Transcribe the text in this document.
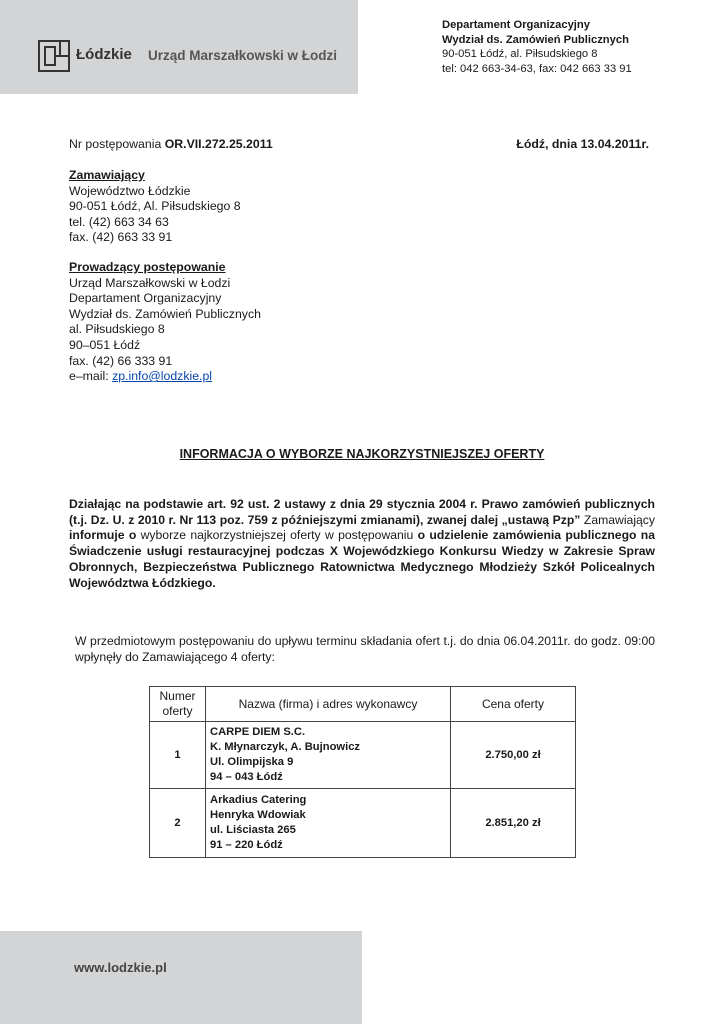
Łódzkie Urząd Marszałkowski w Łodzi
Departament Organizacyjny
Wydział ds. Zamówień Publicznych
90-051 Łódź, al. Piłsudskiego 8
tel: 042 663-34-63, fax: 042 663 33 91
Nr postępowania OR.VII.272.25.2011	Łódź, dnia 13.04.2011r.
Zamawiający
Województwo Łódzkie
90-051 Łódź, Al. Piłsudskiego 8
tel. (42) 663 34 63
fax. (42) 663 33 91
Prowadzący postępowanie
Urząd Marszałkowski w Łodzi
Departament Organizacyjny
Wydział ds. Zamówień Publicznych
al. Piłsudskiego 8
90–051 Łódź
fax. (42) 66 333 91
e–mail: zp.info@lodzkie.pl
INFORMACJA O WYBORZE NAJKORZYSTNIEJSZEJ OFERTY
Działając na podstawie art. 92 ust. 2 ustawy z dnia 29 stycznia 2004 r. Prawo zamówień publicznych (t.j. Dz. U. z 2010 r. Nr 113 poz. 759 z późniejszymi zmianami), zwanej dalej „ustawą Pzp” Zamawiający informuje o wyborze najkorzystniejszej oferty w postępowaniu o udzielenie zamówienia publicznego na Świadczenie usługi restauracyjnej podczas X Wojewódzkiego Konkursu Wiedzy w Zakresie Spraw Obronnych, Bezpieczeństwa Publicznego Ratownictwa Medycznego Młodzieży Szkół Policealnych Województwa Łódzkiego.
W przedmiotowym postępowaniu do upływu terminu składania ofert t.j. do dnia 06.04.2011r. do godz. 09:00 wpłynęły do Zamawiającego 4 oferty:
Numer
oferty	Nazwa (firma) i adres wykonawcy	Cena oferty
1	CARPE DIEM S.C.
K. Młynarczyk, A. Bujnowicz
Ul. Olimpijska 9
94 – 043 Łódź	2.750,00 zł
2	Arkadius Catering
Henryka Wdowiak
ul. Liściasta 265
91 – 220 Łódź	2.851,20 zł
www.lodzkie.pl
